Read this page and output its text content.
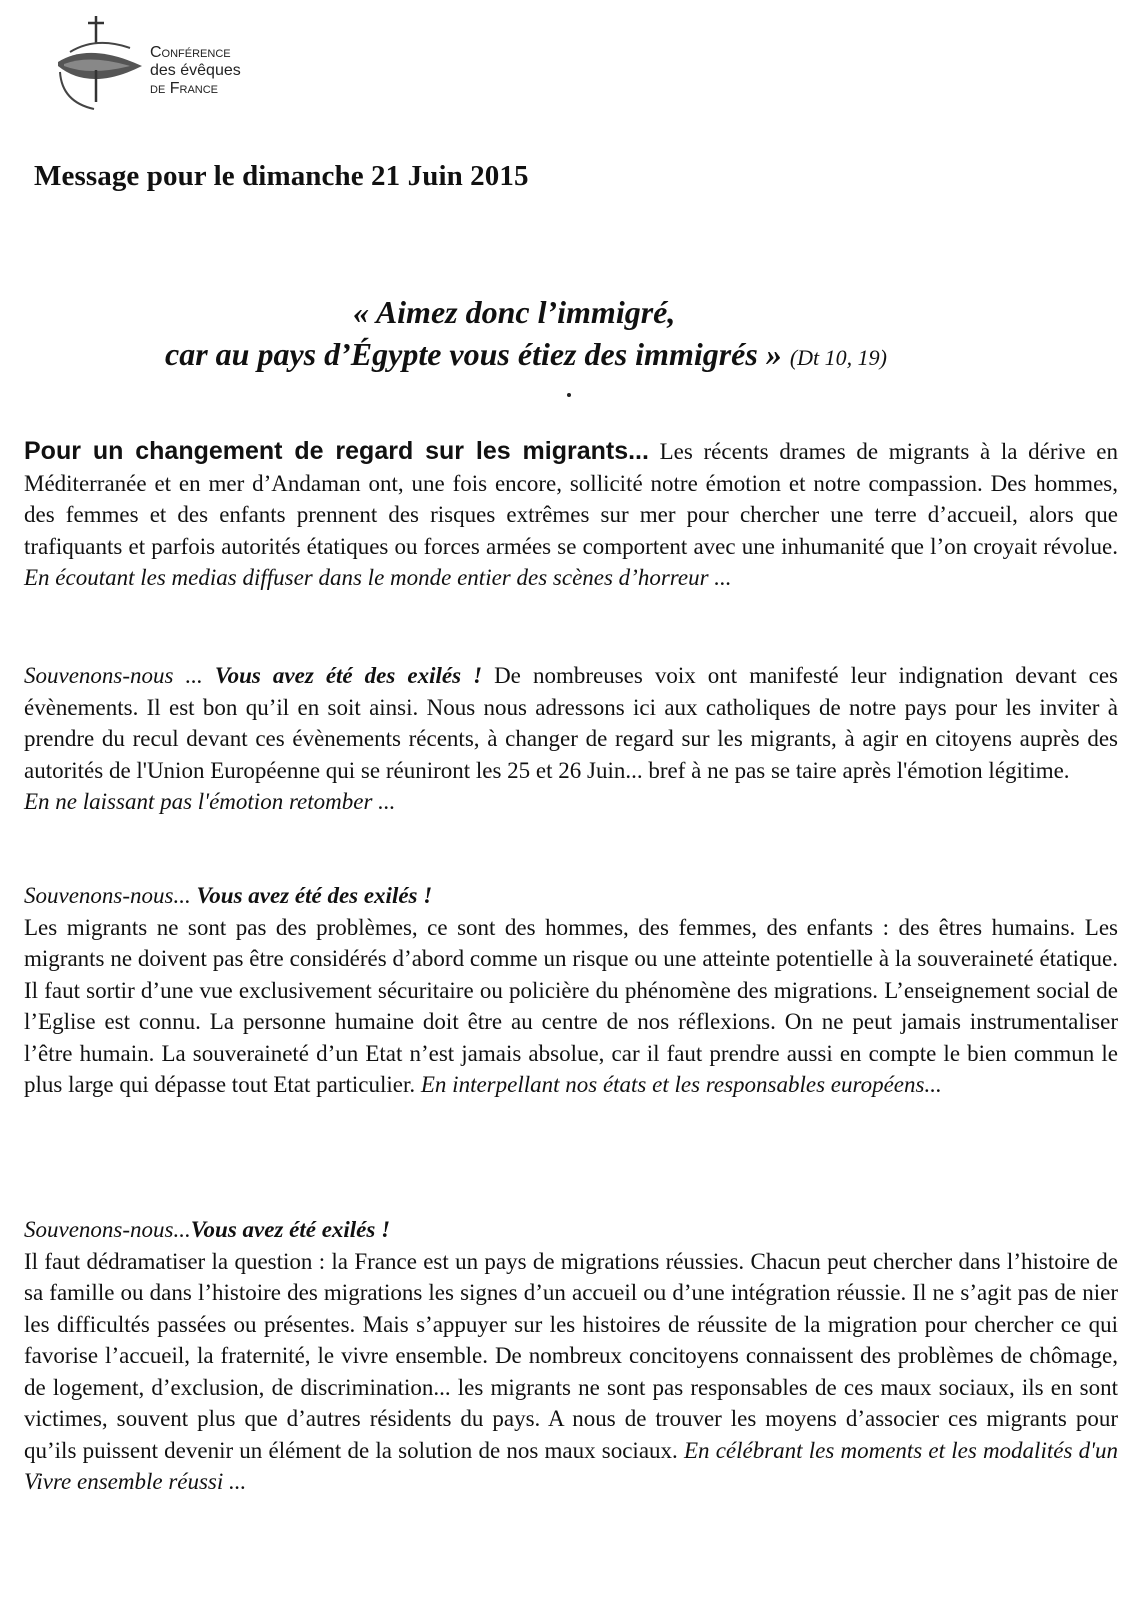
Conférence
des évêques
de France
Message pour le dimanche 21 Juin 2015
« Aimez donc l’immigré,
car au pays d’Égypte vous étiez des immigrés » (Dt 10, 19)
Pour un changement de regard sur les migrants... Les récents drames de migrants à la dérive en Méditerranée et en mer d’Andaman ont, une fois encore, sollicité notre émotion et notre compassion. Des hommes, des femmes et des enfants prennent des risques extrêmes sur mer pour chercher une terre d’accueil, alors que trafiquants et parfois autorités étatiques ou forces armées se comportent avec une inhumanité que l’on croyait révolue. En écoutant les medias diffuser dans le monde entier des scènes d’horreur ...
Souvenons-nous ... Vous avez été des exilés ! De nombreuses voix ont manifesté leur indignation devant ces évènements. Il est bon qu’il en soit ainsi. Nous nous adressons ici aux catholiques de notre pays pour les inviter à prendre du recul devant ces évènements récents, à changer de regard sur les migrants, à agir en citoyens auprès des autorités de l'Union Européenne qui se réuniront les 25 et 26 Juin... bref à ne pas se taire après l'émotion légitime.
En ne laissant pas l'émotion retomber ...
Souvenons-nous... Vous avez été des exilés !
Les migrants ne sont pas des problèmes, ce sont des hommes, des femmes, des enfants : des êtres humains. Les migrants ne doivent pas être considérés d’abord comme un risque ou une atteinte potentielle à la souveraineté étatique. Il faut sortir d’une vue exclusivement sécuritaire ou policière du phénomène des migrations. L’enseignement social de l’Eglise est connu. La personne humaine doit être au centre de nos réflexions. On ne peut jamais instrumentaliser l’être humain. La souveraineté d’un Etat n’est jamais absolue, car il faut prendre aussi en compte le bien commun le plus large qui dépasse tout Etat particulier. En interpellant nos états et les responsables européens...
Souvenons-nous...Vous avez été exilés !
Il faut dédramatiser la question : la France est un pays de migrations réussies. Chacun peut chercher dans l’histoire de sa famille ou dans l’histoire des migrations les signes d’un accueil ou d’une intégration réussie. Il ne s’agit pas de nier les difficultés passées ou présentes. Mais s’appuyer sur les histoires de réussite de la migration pour chercher ce qui favorise l’accueil, la fraternité, le vivre ensemble. De nombreux concitoyens connaissent des problèmes de chômage, de logement, d’exclusion, de discrimination... les migrants ne sont pas responsables de ces maux sociaux, ils en sont victimes, souvent plus que d’autres résidents du pays. A nous de trouver les moyens d’associer ces migrants pour qu’ils puissent devenir un élément de la solution de nos maux sociaux. En célébrant les moments et les modalités d'un Vivre ensemble réussi ...
